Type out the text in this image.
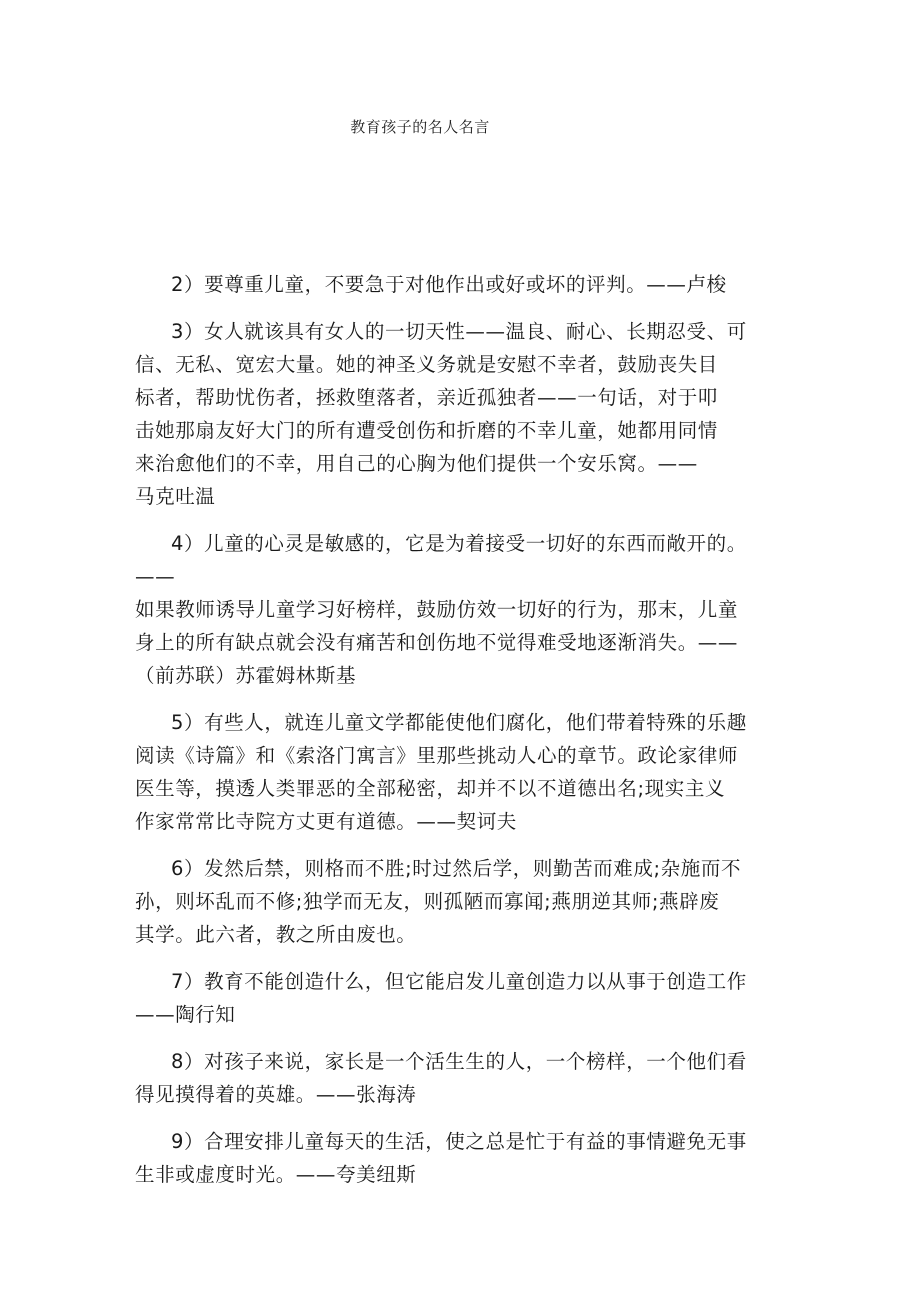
教育孩子的名人名言
2）要尊重儿童，不要急于对他作出或好或坏的评判。——卢梭
3）女人就该具有女人的一切天性——温良、耐心、长期忍受、可
信、无私、宽宏大量。她的神圣义务就是安慰不幸者，鼓励丧失目
标者，帮助忧伤者，拯救堕落者，亲近孤独者——一句话，对于叩
击她那扇友好大门的所有遭受创伤和折磨的不幸儿童，她都用同情
来治愈他们的不幸，用自己的心胸为他们提供一个安乐窝。——
马克吐温
4）儿童的心灵是敏感的，它是为着接受一切好的东西而敞开的。
——
如果教师诱导儿童学习好榜样，鼓励仿效一切好的行为，那末，儿童
身上的所有缺点就会没有痛苦和创伤地不觉得难受地逐渐消失。——
（前苏联）苏霍姆林斯基
5）有些人，就连儿童文学都能使他们腐化，他们带着特殊的乐趣
阅读《诗篇》和《索洛门寓言》里那些挑动人心的章节。政论家律师
医生等，摸透人类罪恶的全部秘密，却并不以不道德出名;现实主义
作家常常比寺院方丈更有道德。——契诃夫
6）发然后禁，则格而不胜;时过然后学，则勤苦而难成;杂施而不
孙，则坏乱而不修;独学而无友，则孤陋而寡闻;燕朋逆其师;燕辟废
其学。此六者，教之所由废也。
7）教育不能创造什么，但它能启发儿童创造力以从事于创造工作
——陶行知
8）对孩子来说，家长是一个活生生的人，一个榜样，一个他们看
得见摸得着的英雄。——张海涛
9）合理安排儿童每天的生活，使之总是忙于有益的事情避免无事
生非或虚度时光。——夸美纽斯
